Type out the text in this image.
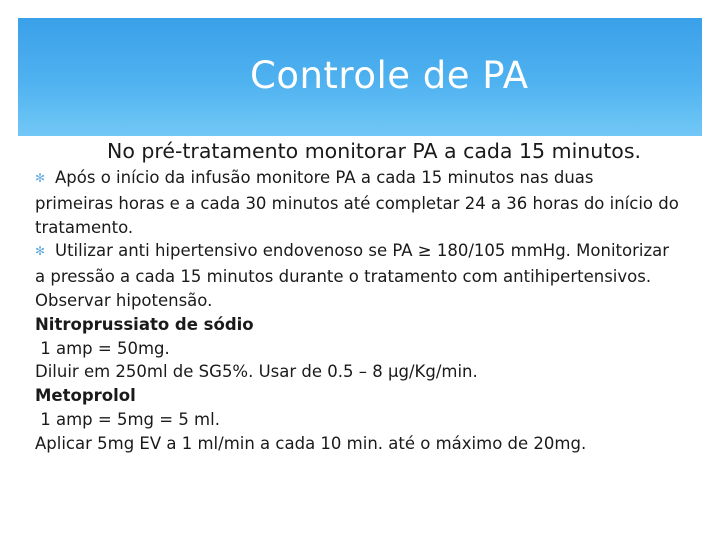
Controle de PA
No pré-tratamento monitorar PA a cada 15 minutos.
✻ Após o início da infusão monitore PA a cada 15 minutos nas duas
primeiras horas e a cada 30 minutos até completar 24 a 36 horas do início do
tratamento.
✻ Utilizar anti hipertensivo endovenoso se PA ≥ 180/105 mmHg. Monitorizar
a pressão a cada 15 minutos durante o tratamento com antihipertensivos.
Observar hipotensão.
Nitroprussiato de sódio
1 amp = 50mg.
Diluir em 250ml de SG5%. Usar de 0.5 – 8 µg/Kg/min.
Metoprolol
1 amp = 5mg = 5 ml.
Aplicar 5mg EV a 1 ml/min a cada 10 min. até o máximo de 20mg.
